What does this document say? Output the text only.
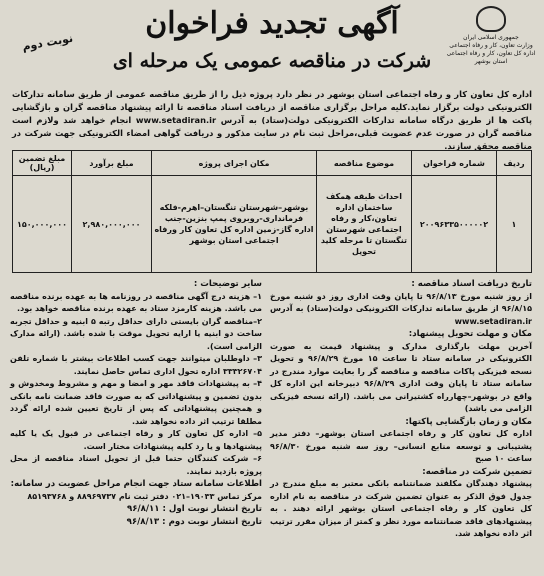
جمهوری اسلامی ایران
وزارت تعاون، کار و رفاه اجتماعی
اداره کل تعاون، کار و رفاه اجتماعی استان بوشهر
آگهی تجدید فراخوان
شرکت در مناقصه عمومی یک مرحله ای
نوبت دوم

اداره کل تعاون کار و رفاه اجتماعی استان بوشهر در نظر دارد پروژه ذیل را از طریق مناقصه عمومی از طریق سامانه تدارکات الکترونیکی دولت برگزار نماید.کلیه مراحل برگزاری مناقصه از دریافت اسناد مناقصه تا ارائه پیشنهاد مناقصه گران و بازگشایی پاکت ها از طریق درگاه سامانه تدارکات الکترونیکی دولت(ستاد) به آدرس www.setadiran.ir انجام خواهد شد ولازم است مناقصه گران در صورت عدم عضویت قبلی،مراحل ثبت نام در سایت مذکور و دریافت گواهی امضاء الکترونیکی جهت شرکت در مناقصه محقق سازند.

ردیف	شماره فراخوان	موضوع مناقصه	مکان اجرای پروژه	مبلغ برآورد	مبلغ تضمین (ریال)
۱	۲۰۰۹۶۳۳۵۰۰۰۰۰۲	احداث طبقه همکف ساختمان اداره تعاون،کار و رفاه اجتماعی شهرستان تنگستان تا مرحله کلید تحویل	بوشهر–شهرستان تنگستان–اهرم-فلکه فرمانداری-روبروی پمپ بنزین-جنب اداره گاز-زمین اداره کل تعاون کار ورفاه اجتماعی استان بوشهر	۲,۹۸۰,۰۰۰,۰۰۰	۱۵۰,۰۰۰,۰۰۰

تاریخ دریافت اسناد مناقصه :

از روز شنبه مورخ ۹۶/۸/۱۳ تا پایان وقت اداری روز دو شنبه مورخ ۹۶/۸/۱۵ از طریق سامانه تدارکات الکترونیکی دولت(ستاد) به آدرس www.setadiran.ir

مکان و مهلت تحویل پیشنهاد:

آخرین مهلت بارگذاری مدارک و پیشنهاد قیمت به صورت الکترونیکی در سامانه ستاد تا ساعت ۱۵ مورخ ۹۶/۸/۲۹ و تحویل نسخه فیزیکی پاکات مناقصه و مناقصه گر را بعایت موارد مندرج در سامانه ستاد تا پایان وقت اداری ۹۶/۸/۲۹ دبیرخانه این اداره کل واقع در بوشهر–چهارراه کشتیرانی می باشد. (ارائه نسخه فیزیکی الزامی می باشد)

مکان و زمان بازگشایی پاکتها:

اداره کل تعاون کار و رفاه اجتماعی استان بوشهر– دفتر مدیر پشتیبانی و توسعه منابع انسانی– روز سه شنبه مورخ ۹۶/۸/۳۰ ساعت ۱۰ صبح

تضمین شرکت در مناقصه:

پیشنهاد دهندگان مکلفند ضمانتنامه بانکی معتبر به مبلغ مندرج در جدول فوق الذکر به عنوان تضمین شرکت در مناقصه به نام اداره کل تعاون کار و رفاه اجتماعی استان بوشهر ارائه دهند . به پیشنهادهای فاقد ضمانتنامه مورد نظر و کمتر از میزان مقرر ترتیب اثر داده نخواهد شد.

سایر توضیحات :

۱– هزینه درج آگهی مناقصه در روزنامه ها به عهده برنده مناقصه می باشد. هزینه کارمزد ستاد به عهده برنده مناقصه خواهد بود.

۲–مناقصه گران بایستی دارای حداقل رتبه ۵ ابنیه و حداقل تجربه ساخت دو ابنیه یا ارایه تحویل موقت با شده باشد. (ارائه مدارک الزامی است).

۳– داوطلبان میتوانند جهت کسب اطلاعات بیشتر با شماره تلفن ۳۳۳۲۶۷۰۴ اداره تحول اداری تماس حاصل نمایند.

۴– به پیشنهادات فاقد مهر و امضا و مهم و مشروط ومخدوش و بدون تضمین و پیشنهاداتی که به صورت فاقد ضمانت نامه بانکی و همچنین پیشنهاداتی که پس از تاریخ تعیین شده ارائه گردد مطلقا ترتیب اثر داده نخواهد شد.

۵– اداره کل تعاون کار و رفاه اجتماعی در قبول یک یا کلیه پیشنهادها و یا رد کلیه پیشنهادات مختار است.

۶– شرکت کنندگان حتما قبل از تحویل اسناد مناقصه از محل پروژه بازدید نمایند.

اطلاعات سامانه ستاد جهت انجام مراحل عضویت در سامانه:

مرکز تماس ۱۹۰۳۳–۰۲۱ دفتر ثبت نام ۸۸۹۶۹۷۳۷ و ۸۵۱۹۳۷۶۸

تاریخ انتشار نوبت اول : ۹۶/۸/۱۱

تاریخ انتشار نوبت دوم : ۹۶/۸/۱۳
